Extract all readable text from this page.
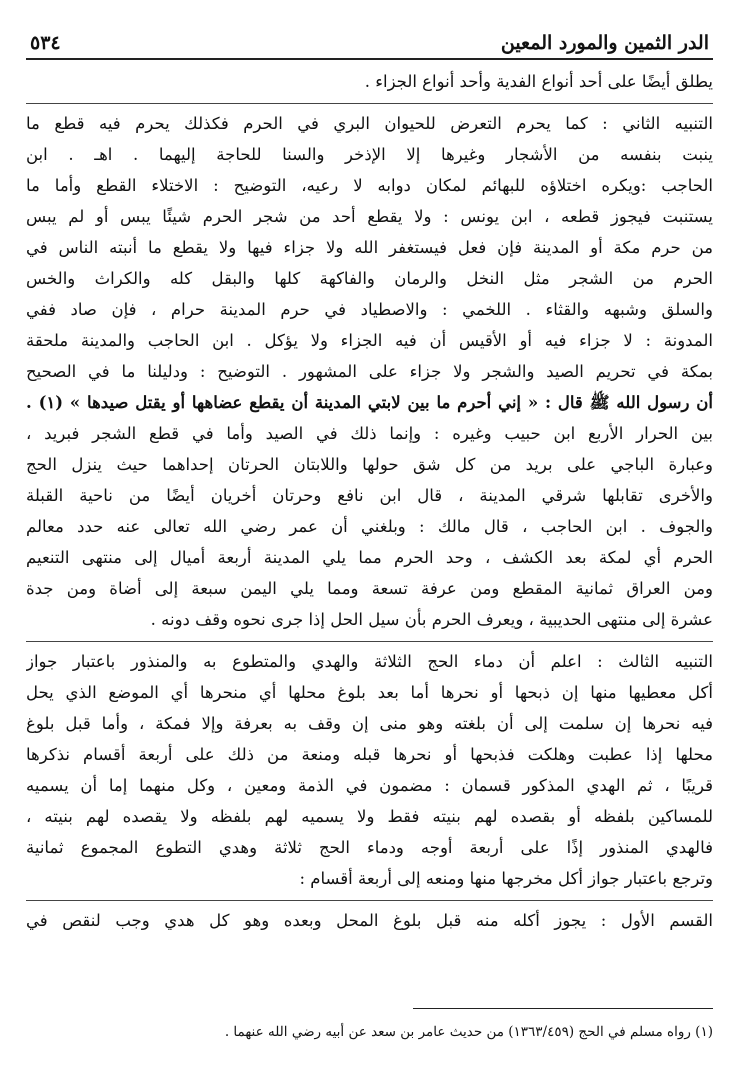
الدر الثمين والمورد المعين
٥٣٤
يطلق أيضًا على أحد أنواع الفدية وأحد أنواع الجزاء .
التنبيه الثاني : كما يحرم التعرض للحيوان البري في الحرم فكذلك يحرم فيه قطع ما
ينبت بنفسه من الأشجار وغيرها إلا الإذخر والسنا للحاجة إليهما . اهـ . ابن
الحاجب :ويكره اختلاؤه للبهائم لمكان دوابه لا رعيه، التوضيح : الاختلاء القطع وأما ما
يستنبت فيجوز قطعه ، ابن يونس : ولا يقطع أحد من شجر الحرم شيئًا يبس أو لم يبس
من حرم مكة أو المدينة فإن فعل فيستغفر الله ولا جزاء فيها ولا يقطع ما أنبته الناس في
الحرم من الشجر مثل النخل والرمان والفاكهة كلها والبقل كله والكراث والخس
والسلق وشبهه والقثاء . اللخمي : والاصطياد في حرم المدينة حرام ، فإن صاد ففي
المدونة : لا جزاء فيه أو الأقيس أن فيه الجزاء ولا يؤكل . ابن الحاجب والمدينة ملحقة
بمكة في تحريم الصيد والشجر ولا جزاء على المشهور . التوضيح : ودليلنا ما في الصحيح
أن رسول الله ﷺ قال : « إني أحرم ما بين لابتي المدينة أن يقطع عضاهها أو يقتل صيدها » (١) .
بين الحرار الأربع ابن حبيب وغيره : وإنما ذلك في الصيد وأما في قطع الشجر فبريد ،
وعبارة الباجي على بريد من كل شق حولها واللابتان الحرتان إحداهما حيث ينزل الحج
والأخرى تقابلها شرقي المدينة ، قال ابن نافع وحرتان أخريان أيضًا من ناحية القبلة
والجوف . ابن الحاجب ، قال مالك : وبلغني أن عمر رضي الله تعالى عنه حدد معالم
الحرم أي لمكة بعد الكشف ، وحد الحرم مما يلي المدينة أربعة أميال إلى منتهى التنعيم
ومن العراق ثمانية المقطع ومن عرفة تسعة ومما يلي اليمن سبعة إلى أضاة ومن جدة
عشرة إلى منتهى الحديبية ، ويعرف الحرم بأن سيل الحل إذا جرى نحوه وقف دونه .
التنبيه الثالث : اعلم أن دماء الحج الثلاثة والهدي والمتطوع به والمنذور باعتبار جواز
أكل معطيها منها إن ذبحها أو نحرها أما بعد بلوغ محلها أي منحرها أي الموضع الذي يحل
فيه نحرها إن سلمت إلى أن بلغته وهو منى إن وقف به بعرفة وإلا فمكة ، وأما قبل بلوغ
محلها إذا عطبت وهلكت فذبحها أو نحرها قبله ومنعة من ذلك على أربعة أقسام نذكرها
قريبًا ، ثم الهدي المذكور قسمان : مضمون في الذمة ومعين ، وكل منهما إما أن يسميه
للمساكين بلفظه أو بقصده لهم بنيته فقط ولا يسميه لهم بلفظه ولا يقصده لهم بنيته ،
فالهدي المنذور إذًا على أربعة أوجه ودماء الحج ثلاثة وهدي التطوع المجموع ثمانية
وترجع باعتبار جواز أكل مخرجها منها ومنعه إلى أربعة أقسام :
القسم الأول : يجوز أكله منه قبل بلوغ المحل وبعده وهو كل هدي وجب لنقص في
(١) رواه مسلم في الحج (١٣٦٣/٤٥٩) من حديث عامر بن سعد عن أبيه رضي الله عنهما .
